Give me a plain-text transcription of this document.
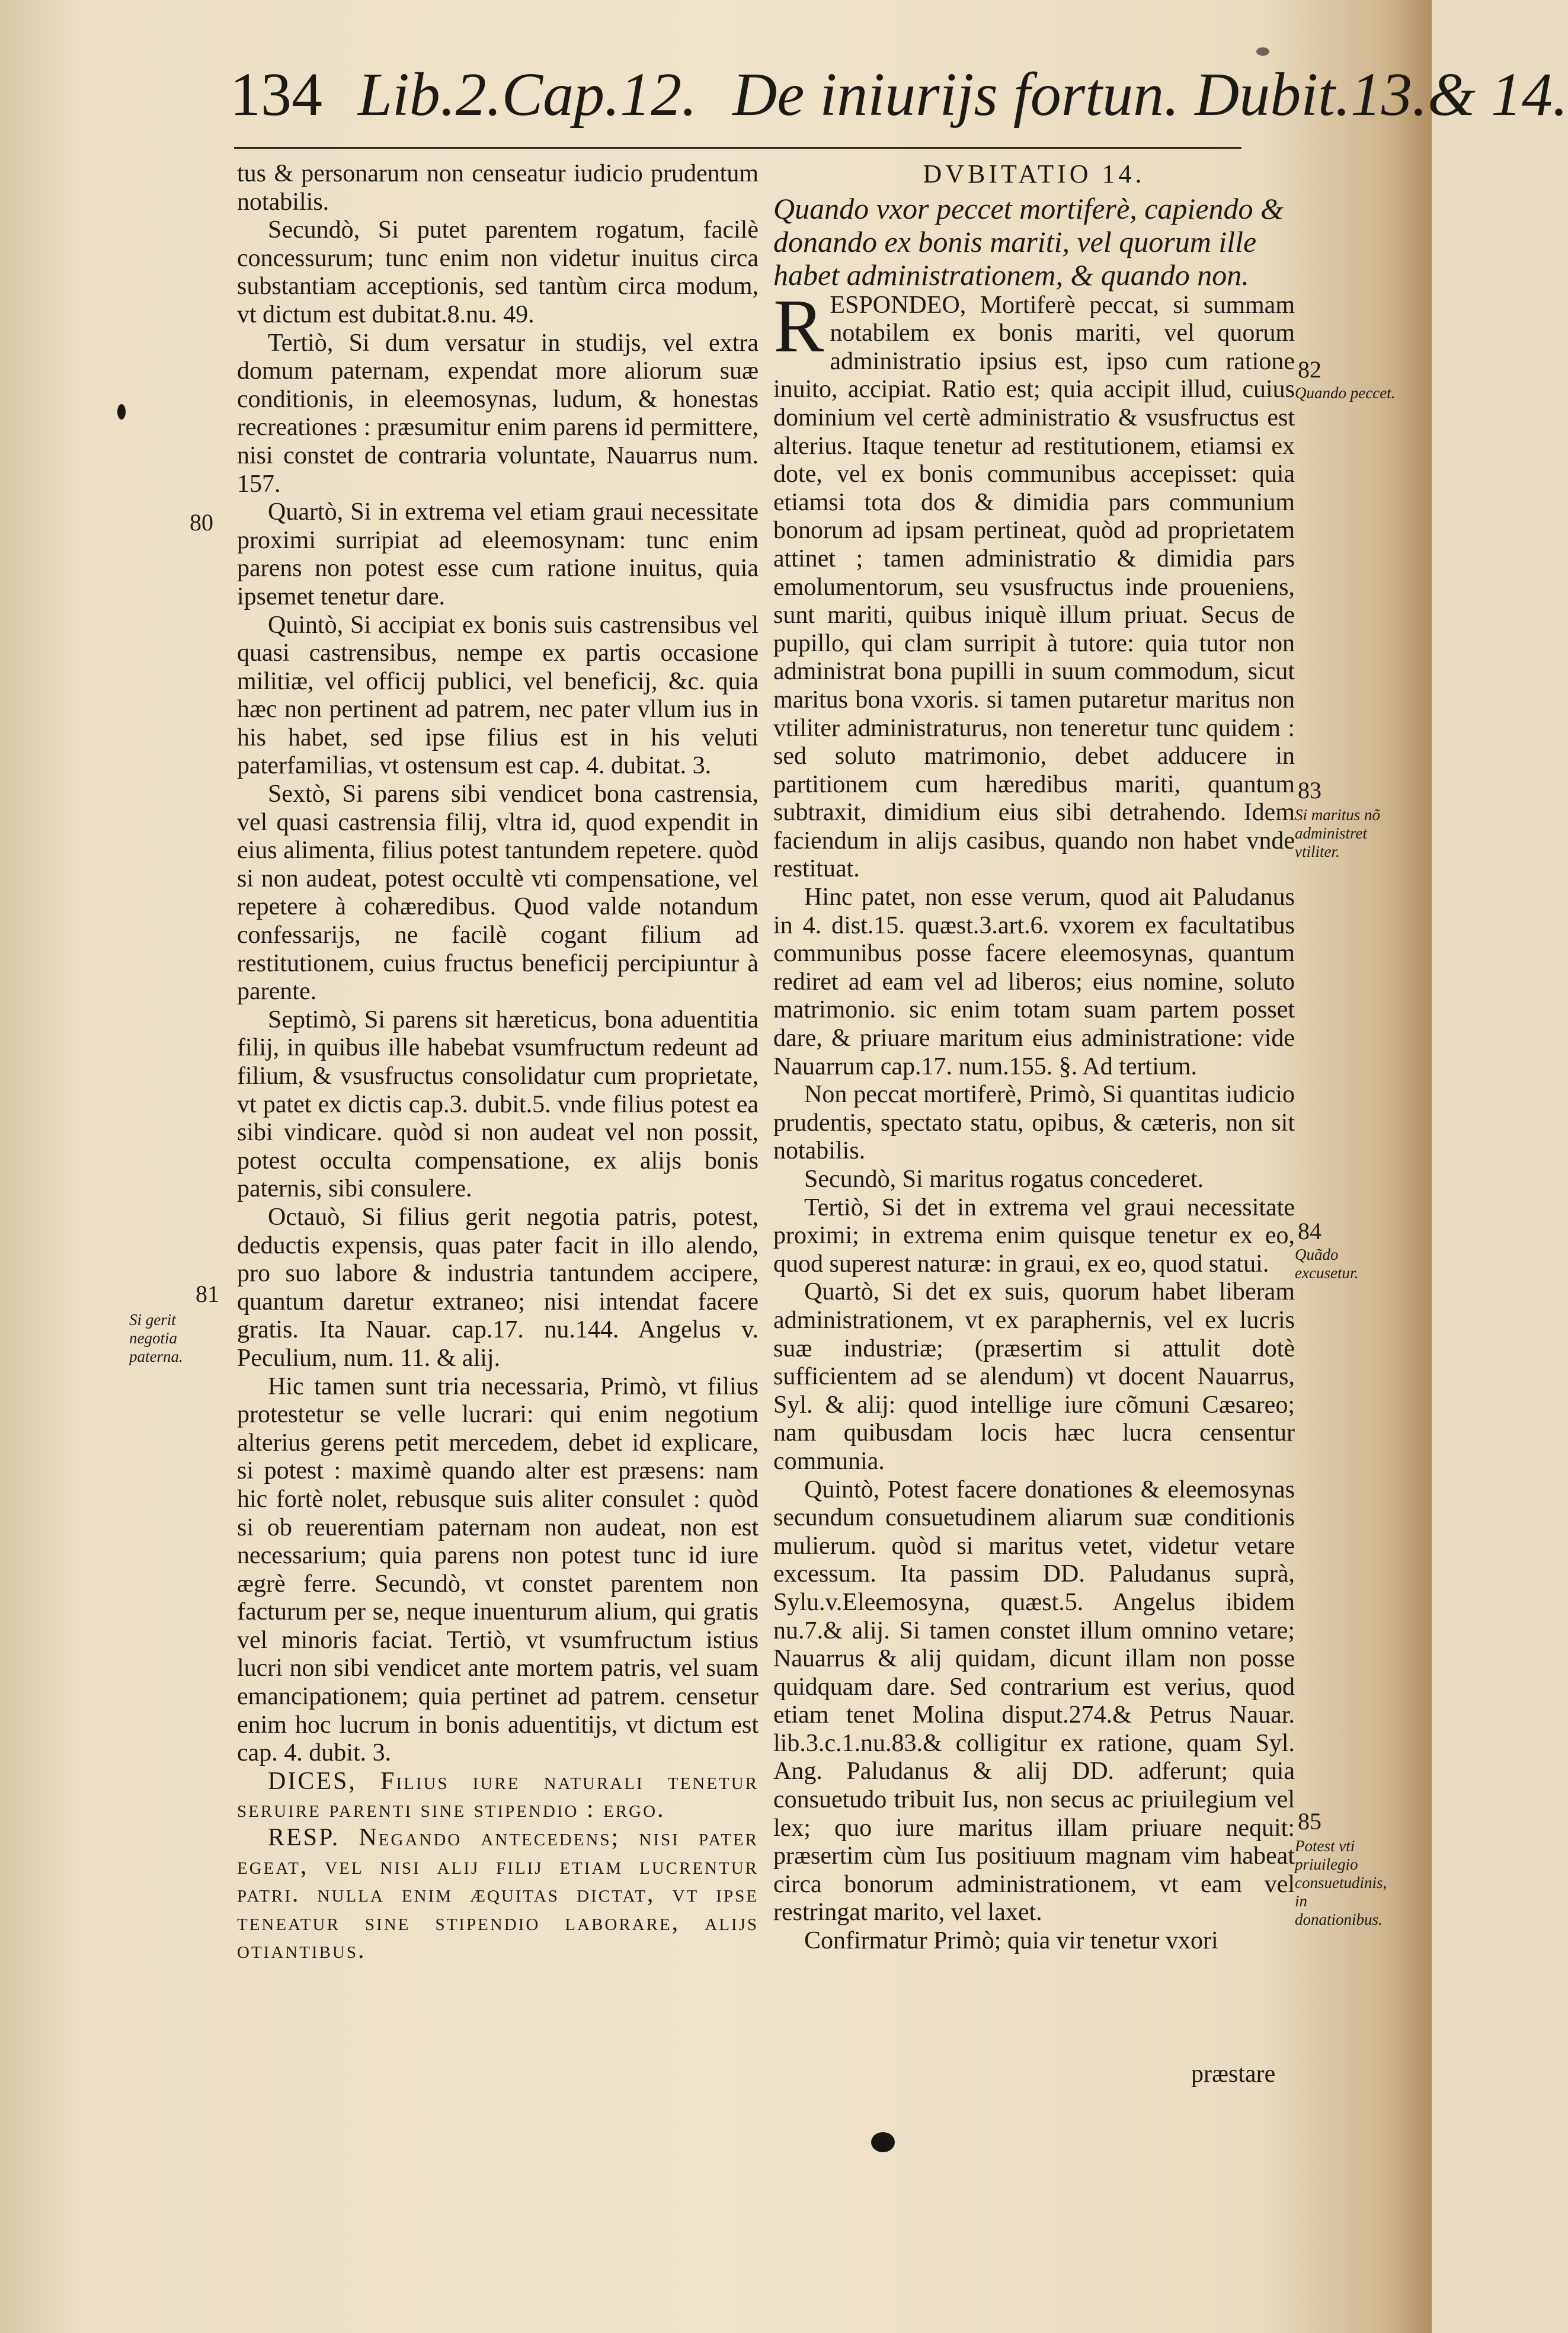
134 Lib.2.Cap.12. De iniurijs fortun. Dubit.13.& 14.

tus & personarum non censeatur iudicio prudentum notabilis.

Secundò, Si putet parentem rogatum, facilè concessurum; tunc enim non videtur inuitus circa substantiam acceptionis, sed tantùm circa modum, vt dictum est dubitat.8.nu. 49.

Tertiò, Si dum versatur in studijs, vel extra domum paternam, expendat more aliorum suæ conditionis, in eleemosynas, ludum, & honestas recreationes : præsumitur enim parens id permittere, nisi constet de contraria voluntate, Nauarrus num. 157.

Quartò, Si in extrema vel etiam graui necessitate proximi surripiat ad eleemosynam: tunc enim parens non potest esse cum ratione inuitus, quia ipsemet tenetur dare.

Quintò, Si accipiat ex bonis suis castrensibus vel quasi castrensibus, nempe ex partis occasione militiæ, vel officij publici, vel beneficij, &c. quia hæc non pertinent ad patrem, nec pater vllum ius in his habet, sed ipse filius est in his veluti paterfamilias, vt ostensum est cap. 4. dubitat. 3.

Sextò, Si parens sibi vendicet bona castrensia, vel quasi castrensia filij, vltra id, quod expendit in eius alimenta, filius potest tantundem repetere. quòd si non audeat, potest occultè vti compensatione, vel repetere à cohæredibus. Quod valde notandum confessarijs, ne facilè cogant filium ad restitutionem, cuius fructus beneficij percipiuntur à parente.

Septimò, Si parens sit hæreticus, bona aduentitia filij, in quibus ille habebat vsumfructum redeunt ad filium, & vsusfructus consolidatur cum proprietate, vt patet ex dictis cap.3. dubit.5. vnde filius potest ea sibi vindicare. quòd si non audeat vel non possit, potest occulta compensatione, ex alijs bonis paternis, sibi consulere.

Octauò, Si filius gerit negotia patris, potest, deductis expensis, quas pater facit in illo alendo, pro suo labore & industria tantundem accipere, quantum daretur extraneo; nisi intendat facere gratis. Ita Nauar. cap.17. nu.144. Angelus v. Peculium, num. 11. & alij.

Hic tamen sunt tria necessaria, Primò, vt filius protestetur se velle lucrari: qui enim negotium alterius gerens petit mercedem, debet id explicare, si potest : maximè quando alter est præsens: nam hic fortè nolet, rebusque suis aliter consulet : quòd si ob reuerentiam paternam non audeat, non est necessarium; quia parens non potest tunc id iure ægrè ferre. Secundò, vt constet parentem non facturum per se, neque inuenturum alium, qui gratis vel minoris faciat. Tertiò, vt vsumfructum istius lucri non sibi vendicet ante mortem patris, vel suam emancipationem; quia pertinet ad patrem. censetur enim hoc lucrum in bonis aduentitijs, vt dictum est cap. 4. dubit. 3.

DICES, Filius iure naturali tenetur seruire parenti sine stipendio : ergo.

RESP. Negando antecedens; nisi pater egeat, vel nisi alij filij etiam lucrentur patri. nulla enim æquitas dictat, vt ipse teneatur sine stipendio laborare, alijs otiantibus.

80
81
Si gerit negotia paterna.
DVBITATIO 14.

Quando vxor peccet mortiferè, capiendo & donando ex bonis mariti, vel quorum ille habet administrationem, & quando non.

RESPONDEO, Mortiferè peccat, si summam notabilem ex bonis mariti, vel quorum administratio ipsius est, ipso cum ratione inuito, accipiat. Ratio est; quia accipit illud, cuius dominium vel certè administratio & vsusfructus est alterius. Itaque tenetur ad restitutionem, etiamsi ex dote, vel ex bonis communibus accepisset: quia etiamsi tota dos & dimidia pars communium bonorum ad ipsam pertineat, quòd ad proprietatem attinet ; tamen administratio & dimidia pars emolumentorum, seu vsusfructus inde proueniens, sunt mariti, quibus iniquè illum priuat. Secus de pupillo, qui clam surripit à tutore: quia tutor non administrat bona pupilli in suum commodum, sicut maritus bona vxoris. si tamen putaretur maritus non vtiliter administraturus, non teneretur tunc quidem : sed soluto matrimonio, debet adducere in partitionem cum hæredibus mariti, quantum subtraxit, dimidium eius sibi detrahendo. Idem faciendum in alijs casibus, quando non habet vnde restituat.

Hinc patet, non esse verum, quod ait Paludanus in 4. dist.15. quæst.3.art.6. vxorem ex facultatibus communibus posse facere eleemosynas, quantum rediret ad eam vel ad liberos; eius nomine, soluto matrimonio. sic enim totam suam partem posset dare, & priuare maritum eius administratione: vide Nauarrum cap.17. num.155. §. Ad tertium.

Non peccat mortiferè, Primò, Si quantitas iudicio prudentis, spectato statu, opibus, & cæteris, non sit notabilis.

Secundò, Si maritus rogatus concederet.

Tertiò, Si det in extrema vel graui necessitate proximi; in extrema enim quisque tenetur ex eo, quod superest naturæ: in graui, ex eo, quod statui.

Quartò, Si det ex suis, quorum habet liberam administrationem, vt ex paraphernis, vel ex lucris suæ industriæ; (præsertim si attulit dotè sufficientem ad se alendum) vt docent Nauarrus, Syl. & alij: quod intellige iure cõmuni Cæsareo; nam quibusdam locis hæc lucra censentur communia.

Quintò, Potest facere donationes & eleemosynas secundum consuetudinem aliarum suæ conditionis mulierum. quòd si maritus vetet, videtur vetare excessum. Ita passim DD. Paludanus suprà, Sylu.v.Eleemosyna, quæst.5. Angelus ibidem nu.7.& alij. Si tamen constet illum omnino vetare; Nauarrus & alij quidam, dicunt illam non posse quidquam dare. Sed contrarium est verius, quod etiam tenet Molina disput.274.& Petrus Nauar. lib.3.c.1.nu.83.& colligitur ex ratione, quam Syl. Ang. Paludanus & alij DD. adferunt; quia consuetudo tribuit Ius, non secus ac priuilegium vel lex; quo iure maritus illam priuare nequit: præsertim cùm Ius positiuum magnam vim habeat circa bonorum administrationem, vt eam vel restringat marito, vel laxet.

Confirmatur Primò; quia vir tenetur vxori

82
Quando peccet.
83
Si maritus nõ administret vtiliter.
84
Quãdo excusetur.
85
Potest vti priuilegio consuetudinis, in donationibus.
præstare
